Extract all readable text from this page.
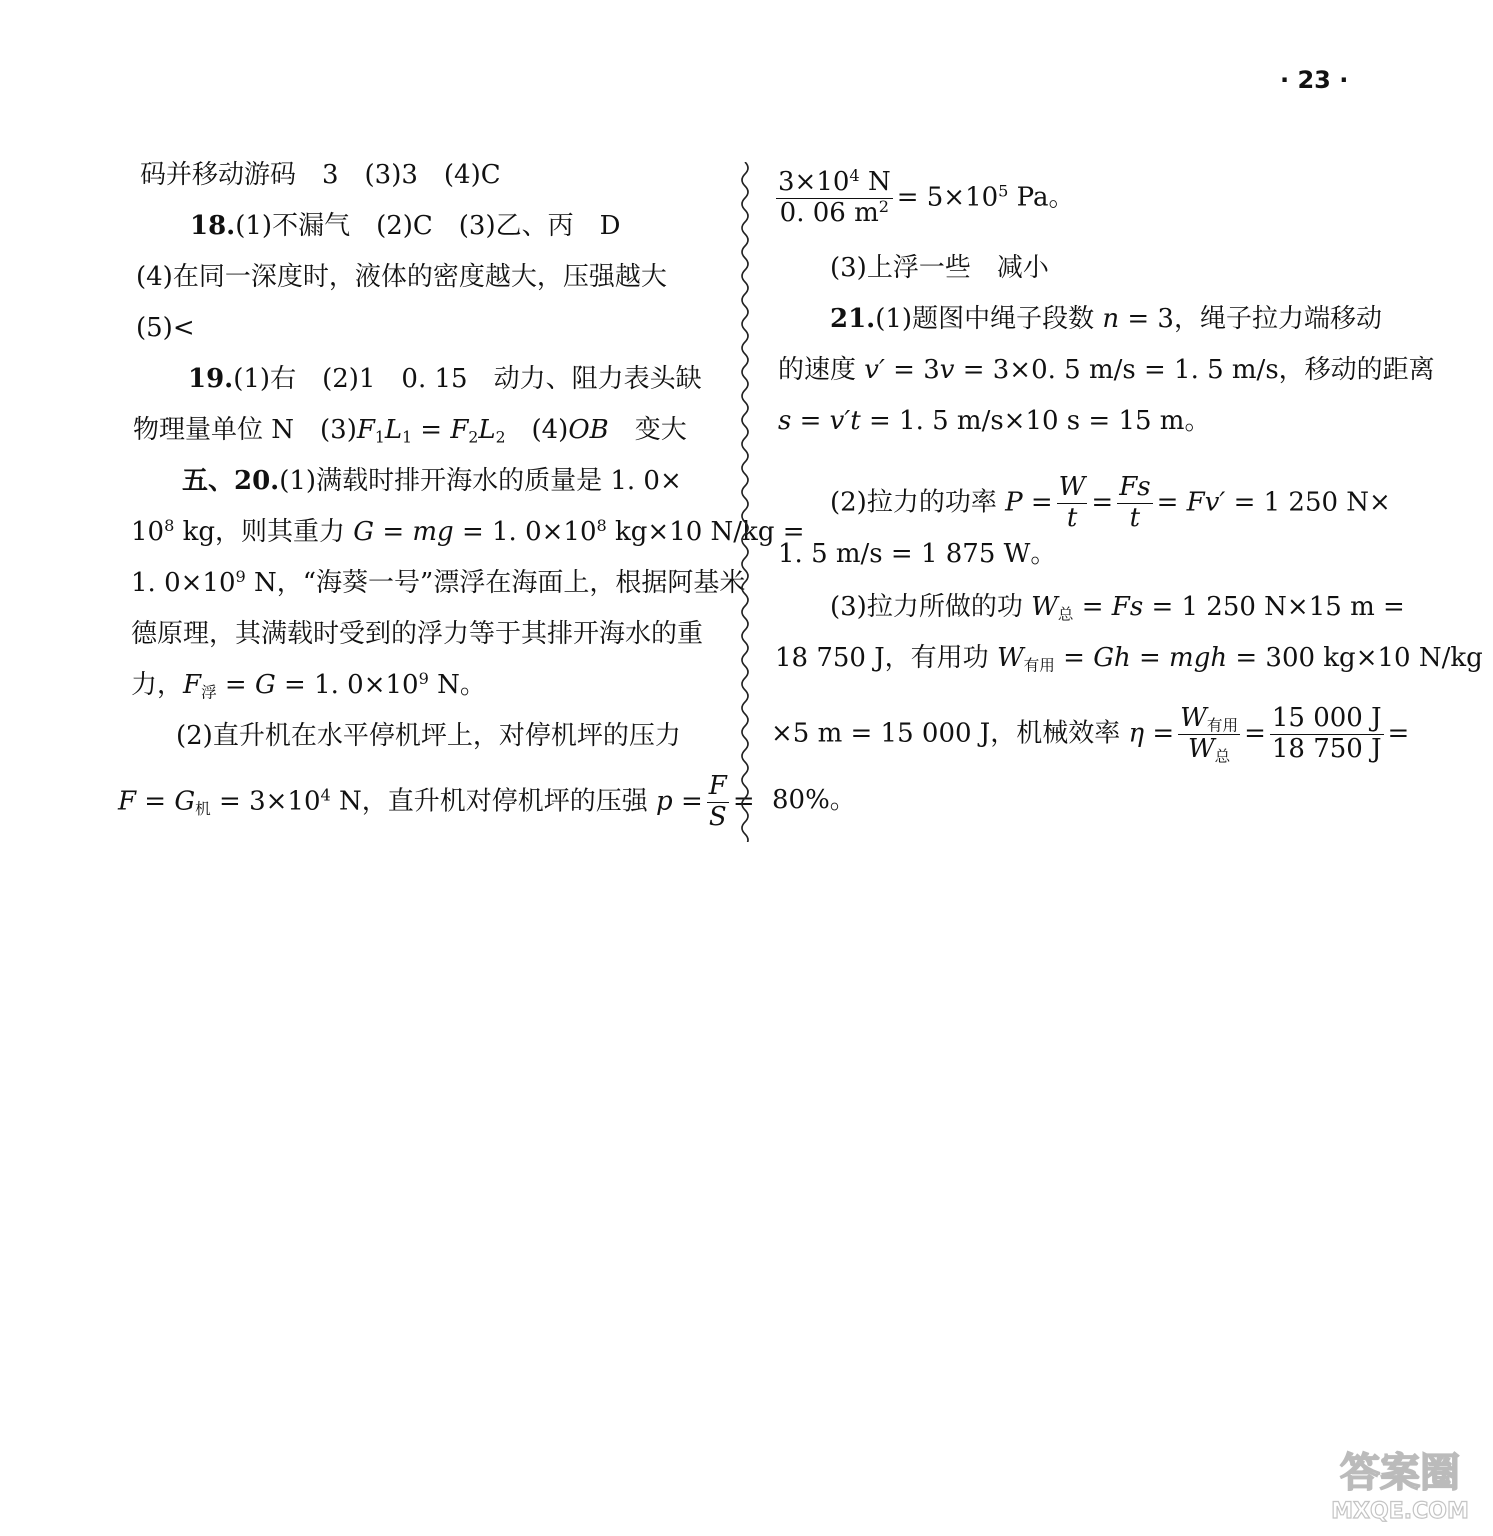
· 23 ·
码并移动游码　3　(3)3　(4)C
18.(1)不漏气　(2)C　(3)乙、丙　D
(4)在同一深度时，液体的密度越大，压强越大
(5)<
19.(1)右　(2)1　0. 15　动力、阻力表头缺
物理量单位 N　$(3)F_1L_1 = F_2L_2$　(4)OB　变大
五、20.(1)满载时排开海水的质量是 1. 0×
$10^8$ kg，则其重力 G = mg = 1. $0\times 10^8$ kg×10 N/kg =
1. $0\times 10^9$ N，“海葵一号”漂浮在海面上，根据阿基米
德原理，其满载时受到的浮力等于其排开海水的重
力，$F_浮 = G = 1$. $0\times 10^9$ N。
(2)直升机在水平停机坪上，对停机坪的压力
$F = G_机 = 3\times 10^4$ N，直升机对停机坪的压强 $p = \frac{F}{S}$ =
$\frac{3\times 10^4 N}{0. 06 m^2} = 5\times 10^5$ Pa。
(3)上浮一些　减小
21.(1)题图中绳子段数 n = 3，绳子拉力端移动
的速度 v′ = 3v = 3×0. 5 m/s = 1. 5 m/s，移动的距离
s = v′t = 1. 5 m/s×10 s = 15 m。
(2)拉力的功率 $P = \frac{W}{t} = \frac{Fs}{t} = Fv' = 1$ 250 N×
1. 5 m/s = 1 875 W。
(3)拉力所做的功 $W_总 = Fs = 1$ 250 N×15 m =
18 750 J，有用功 $W_{有用} = Gh$ = mgh = 300 kg×10 N/kg
×5 m = 15 000 J，机械效率 $\eta = \frac{W_{有用}}{W_总} = \frac{15 000 J}{18 750 J}$ =
80%。
答案圈
MXQE.COM
